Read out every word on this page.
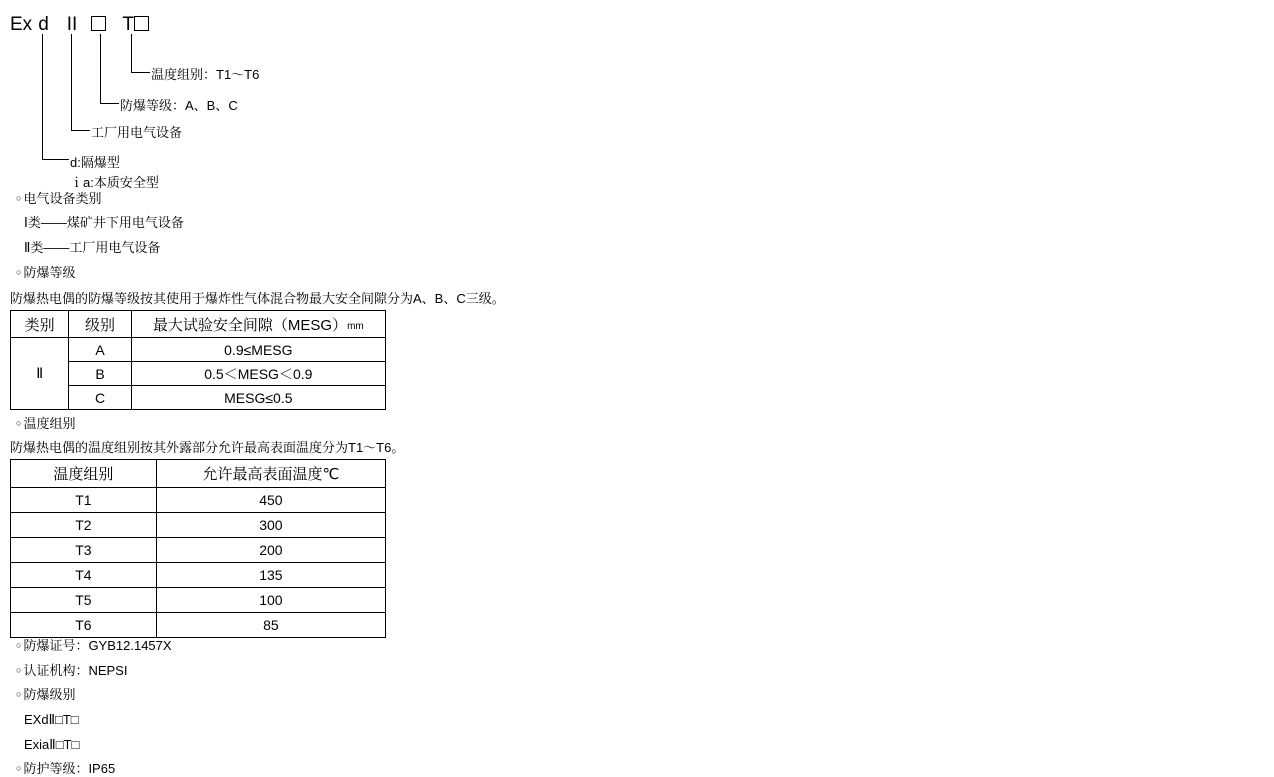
Ex d II T
温度组别：T1～T6
防爆等级：A、B、C
工厂用电气设备
d:隔爆型
ｉa:本质安全型
○ 电气设备类别
Ⅰ类——煤矿井下用电气设备
Ⅱ类——工厂用电气设备
○ 防爆等级
防爆热电偶的防爆等级按其使用于爆炸性气体混合物最大安全间隙分为A、B、C三级。
类别	级别	最大试验安全间隙（MESG）mm
Ⅱ	A	0.9≤MESG
	B	0.5＜MESG＜0.9
	C	MESG≤0.5
○ 温度组别
防爆热电偶的温度组别按其外露部分允许最高表面温度分为T1～T6。
温度组别	允许最高表面温度℃
T1	450
T2	300
T3	200
T4	135
T5	100
T6	85
○ 防爆证号：GYB12.1457X
○ 认证机构：NEPSI
○ 防爆级别
EXdⅡ□T□
ExiaⅡ□T□
○ 防护等级：IP65
